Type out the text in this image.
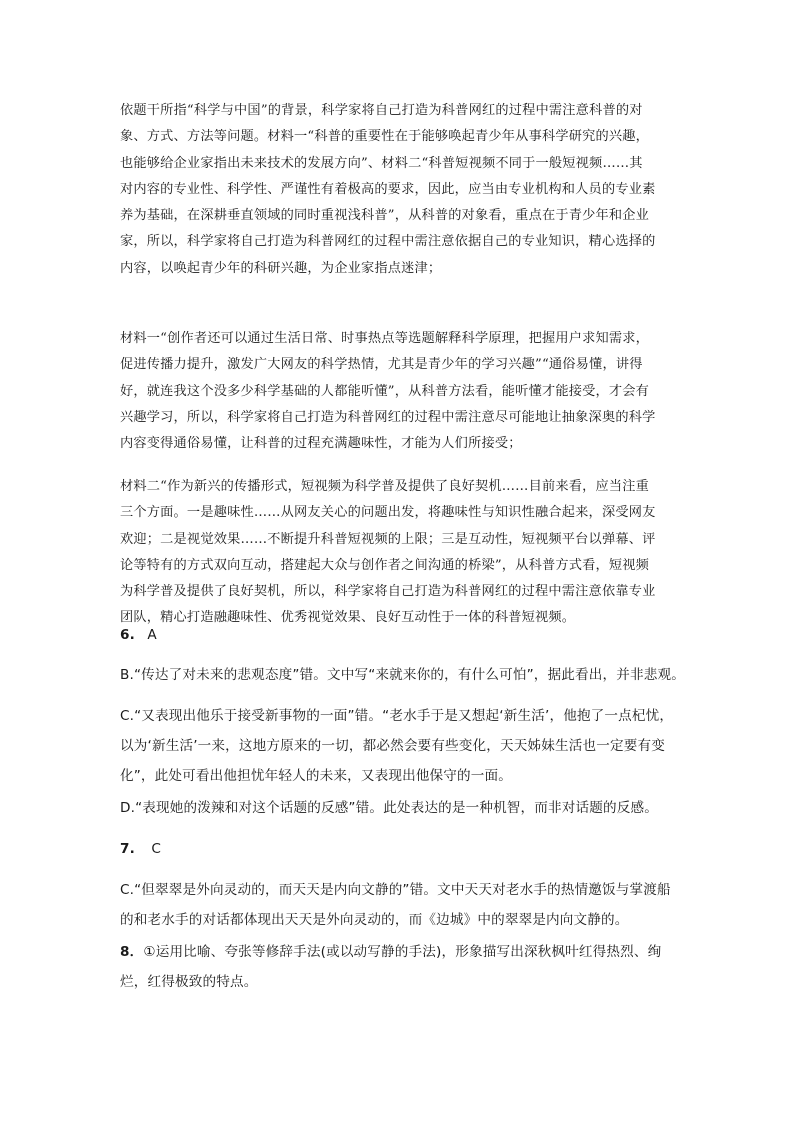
依题干所指“科学与中国”的背景，科学家将自己打造为科普网红的过程中需注意科普的对
象、方式、方法等问题。材料一“科普的重要性在于能够唤起青少年从事科学研究的兴趣，
也能够给企业家指出未来技术的发展方向”、材料二“科普短视频不同于一般短视频……其
对内容的专业性、科学性、严谨性有着极高的要求，因此，应当由专业机构和人员的专业素
养为基础，在深耕垂直领域的同时重视浅科普”，从科普的对象看，重点在于青少年和企业
家，所以，科学家将自己打造为科普网红的过程中需注意依据自己的专业知识，精心选择的
内容，以唤起青少年的科研兴趣，为企业家指点迷津；
材料一“创作者还可以通过生活日常、时事热点等选题解释科学原理，把握用户求知需求，
促进传播力提升，激发广大网友的科学热情，尤其是青少年的学习兴趣”“通俗易懂，讲得
好，就连我这个没多少科学基础的人都能听懂”，从科普方法看，能听懂才能接受，才会有
兴趣学习，所以，科学家将自己打造为科普网红的过程中需注意尽可能地让抽象深奥的科学
内容变得通俗易懂，让科普的过程充满趣味性，才能为人们所接受；
材料二“作为新兴的传播形式，短视频为科学普及提供了良好契机……目前来看，应当注重
三个方面。一是趣味性……从网友关心的问题出发，将趣味性与知识性融合起来，深受网友
欢迎；二是视觉效果……不断提升科普短视频的上限；三是互动性，短视频平台以弹幕、评
论等特有的方式双向互动，搭建起大众与创作者之间沟通的桥梁”，从科普方式看，短视频
为科学普及提供了良好契机，所以，科学家将自己打造为科普网红的过程中需注意依靠专业
团队，精心打造融趣味性、优秀视觉效果、良好互动性于一体的科普短视频。
6. A
B.“传达了对未来的悲观态度”错。文中写“来就来你的，有什么可怕”，据此看出，并非悲观。
C.“又表现出他乐于接受新事物的一面”错。“老水手于是又想起‘新生活’，他抱了一点杞忧，
以为‘新生活’一来，这地方原来的一切，都必然会要有些变化，天天姊妹生活也一定要有变
化”，此处可看出他担忧年轻人的未来，又表现出他保守的一面。
D.“表现她的泼辣和对这个话题的反感”错。此处表达的是一种机智，而非对话题的反感。
7. C
C.“但翠翠是外向灵动的，而天天是内向文静的”错。文中天天对老水手的热情邀饭与掌渡船
的和老水手的对话都体现出天天是外向灵动的，而《边城》中的翠翠是内向文静的。
8．①运用比喻、夸张等修辞手法(或以动写静的手法)，形象描写出深秋枫叶红得热烈、绚
烂，红得极致的特点。
